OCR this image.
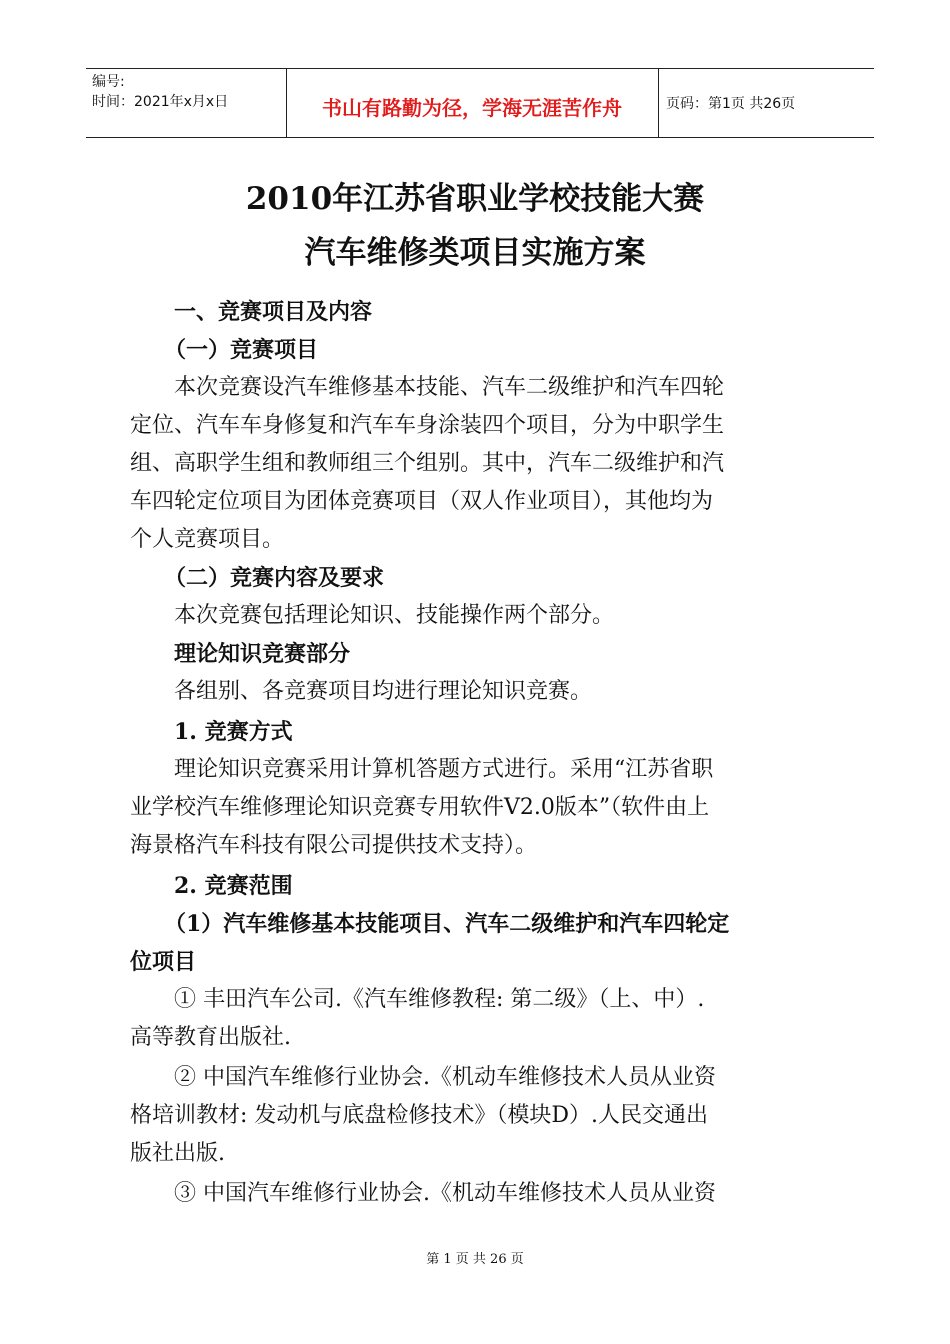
编号:
时间：2021年x月x日	书山有路勤为径，学海无涯苦作舟	页码：第1页 共26页
2010年江苏省职业学校技能大赛
汽车维修类项目实施方案
一、竞赛项目及内容
（一）竞赛项目
本次竞赛设汽车维修基本技能、汽车二级维护和汽车四轮
定位、汽车车身修复和汽车车身涂装四个项目，分为中职学生
组、高职学生组和教师组三个组别。其中，汽车二级维护和汽
车四轮定位项目为团体竞赛项目（双人作业项目），其他均为
个人竞赛项目。
（二）竞赛内容及要求
本次竞赛包括理论知识、技能操作两个部分。
理论知识竞赛部分
各组别、各竞赛项目均进行理论知识竞赛。
1. 竞赛方式
理论知识竞赛采用计算机答题方式进行。采用“江苏省职
业学校汽车维修理论知识竞赛专用软件V2.0版本”（软件由上
海景格汽车科技有限公司提供技术支持）。
2. 竞赛范围
（1）汽车维修基本技能项目、汽车二级维护和汽车四轮定
位项目
① 丰田汽车公司.《汽车维修教程: 第二级》（上、中）.
高等教育出版社.
② 中国汽车维修行业协会.《机动车维修技术人员从业资
格培训教材: 发动机与底盘检修技术》（模块D）.人民交通出
版社出版.
③ 中国汽车维修行业协会.《机动车维修技术人员从业资
第 1 页 共 26 页
